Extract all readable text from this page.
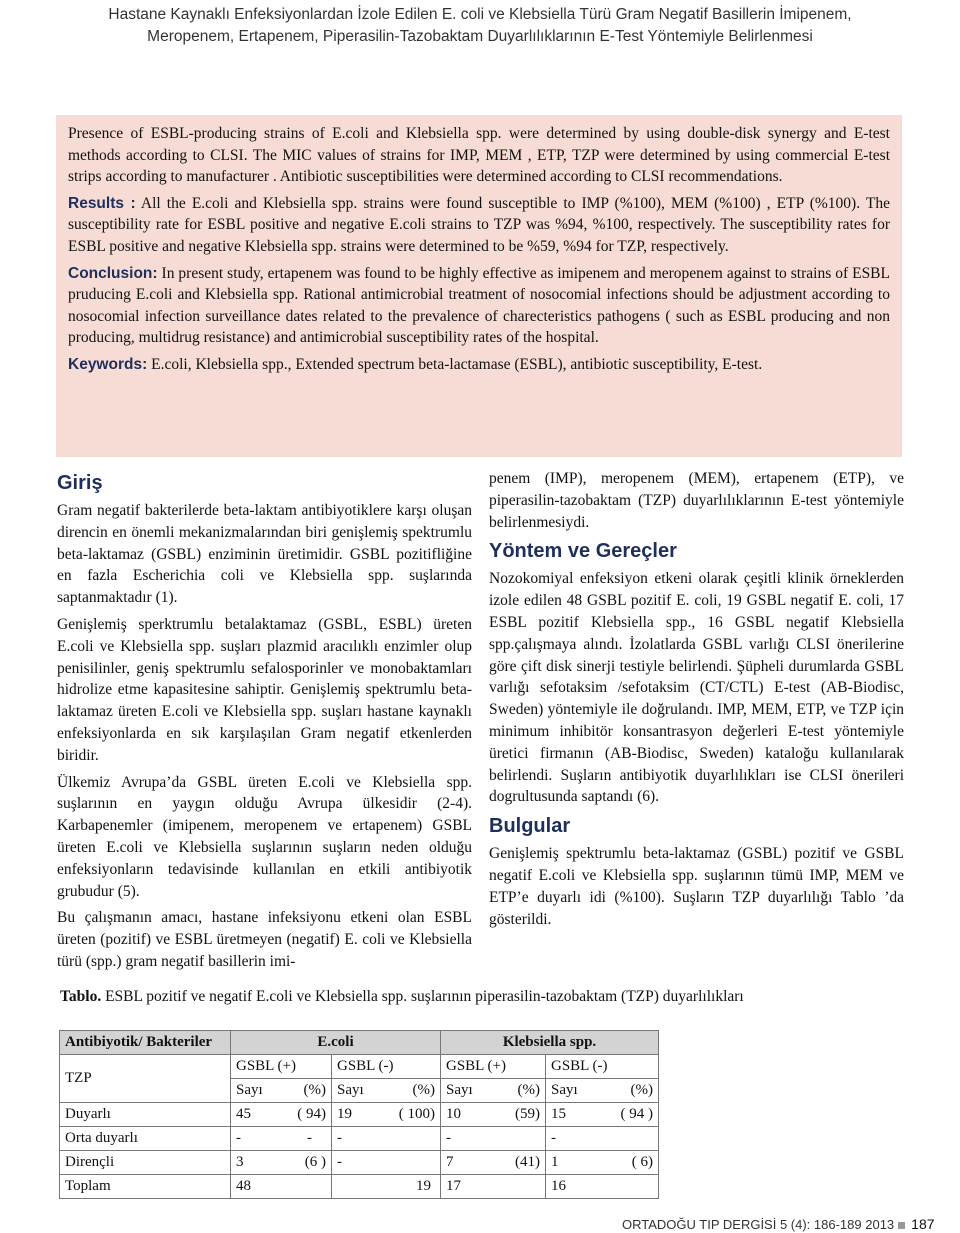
Hastane Kaynaklı Enfeksiyonlardan İzole Edilen E. coli ve Klebsiella Türü Gram Negatif Basillerin İmipenem,
Meropenem, Ertapenem, Piperasilin-Tazobaktam Duyarlılıklarının E-Test Yöntemiyle Belirlenmesi

Presence of ESBL-producing strains of E.coli and Klebsiella spp. were determined by using double-disk synergy and E-test methods according to CLSI. The MIC values of strains for IMP, MEM , ETP, TZP were determined by using commercial E-test strips according to manufacturer . Antibiotic susceptibilities were determined according to CLSI recommendations.

Results : All the E.coli and Klebsiella spp. strains were found susceptible to IMP (%100), MEM (%100) , ETP (%100). The susceptibility rate for ESBL positive and negative E.coli strains to TZP was %94, %100, respectively. The susceptibility rates for ESBL positive and negative Klebsiella spp. strains were determined to be %59, %94 for TZP, respectively.

Conclusion: In present study, ertapenem was found to be highly effective as imipenem and meropenem against to strains of ESBL pruducing E.coli and Klebsiella spp. Rational antimicrobial treatment of nosocomial infections should be adjustment according to nosocomial infection surveillance dates related to the prevalence of charecteristics pathogens ( such as ESBL producing and non producing, multidrug resistance) and antimicrobial susceptibility rates of the hospital.

Keywords: E.coli, Klebsiella spp., Extended spectrum beta-lactamase (ESBL), antibiotic susceptibility, E-test.

Giriş

Gram negatif bakterilerde beta-laktam antibiyotiklere karşı oluşan direncin en önemli mekanizmalarından biri genişlemiş spektrumlu beta-laktamaz (GSBL) enziminin üretimidir. GSBL pozitifliğine en fazla Escherichia coli ve Klebsiella spp. suşlarında saptanmaktadır (1).

Genişlemiş sperktrumlu betalaktamaz (GSBL, ESBL) üreten E.coli ve Klebsiella spp. suşları plazmid aracılıklı enzimler olup penisilinler, geniş spektrumlu sefalosporinler ve monobaktamları hidrolize etme kapasitesine sahiptir. Genişlemiş spektrumlu beta-laktamaz üreten E.coli ve Klebsiella spp. suşları hastane kaynaklı enfeksiyonlarda en sık karşılaşılan Gram negatif etkenlerden biridir.

Ülkemiz Avrupa’da GSBL üreten E.coli ve Klebsiella spp. suşlarının en yaygın olduğu Avrupa ülkesidir (2-4). Karbapenemler (imipenem, meropenem ve ertapenem) GSBL üreten E.coli ve Klebsiella suşlarının suşların neden olduğu enfeksiyonların tedavisinde kullanılan en etkili antibiyotik grubudur (5).

Bu çalışmanın amacı, hastane infeksiyonu etkeni olan ESBL üreten (pozitif) ve ESBL üretmeyen (negatif) E. coli ve Klebsiella türü (spp.) gram negatif basillerin imi-

penem (IMP), meropenem (MEM), ertapenem (ETP), ve piperasilin-tazobaktam (TZP) duyarlılıklarının E-test yöntemiyle belirlenmesiydi.

Yöntem ve Gereçler

Nozokomiyal enfeksiyon etkeni olarak çeşitli klinik örneklerden izole edilen 48 GSBL pozitif E. coli, 19 GSBL negatif E. coli, 17 ESBL pozitif Klebsiella spp., 16 GSBL negatif Klebsiella spp.çalışmaya alındı. İzolatlarda GSBL varlığı CLSI önerilerine göre çift disk sinerji testiyle belirlendi. Şüpheli durumlarda GSBL varlığı sefotaksim /sefotaksim (CT/CTL) E-test (AB-Biodisc, Sweden) yöntemiyle ile doğrulandı. IMP, MEM, ETP, ve TZP için minimum inhibitör konsantrasyon değerleri E-test yöntemiyle üretici firmanın (AB-Biodisc, Sweden) kataloğu kullanılarak belirlendi. Suşların antibiyotik duyarlılıkları ise CLSI önerileri dogrultusunda saptandı (6).

Bulgular

Genişlemiş spektrumlu beta-laktamaz (GSBL) pozitif ve GSBL negatif E.coli ve Klebsiella spp. suşlarının tümü IMP, MEM ve ETP’e duyarlı idi (%100). Suşların TZP duyarlılığı Tablo ’da gösterildi.

Tablo. ESBL pozitif ve negatif E.coli ve Klebsiella spp. suşlarının piperasilin-tazobaktam (TZP) duyarlılıkları
Antibiyotik/ Bakteriler	E.coli		Klebsiella spp.	
TZP	GSBL (+)	GSBL (-)	GSBL (+)	GSBL (-)

	Sayı (%)	Sayı (%)	Sayı (%)	Sayı (%)

Duyarlı	45 ( 94)	19 ( 100)	10 (59)	15 ( 94 )

Orta duyarlı	- -	-	-	-

Dirençli	3 (6 )	-	7 (41)	1 ( 6)

Toplam	48	19	17	16
ORTADOĞU TIP DERGİSİ 5 (4): 186-189 2013 187
